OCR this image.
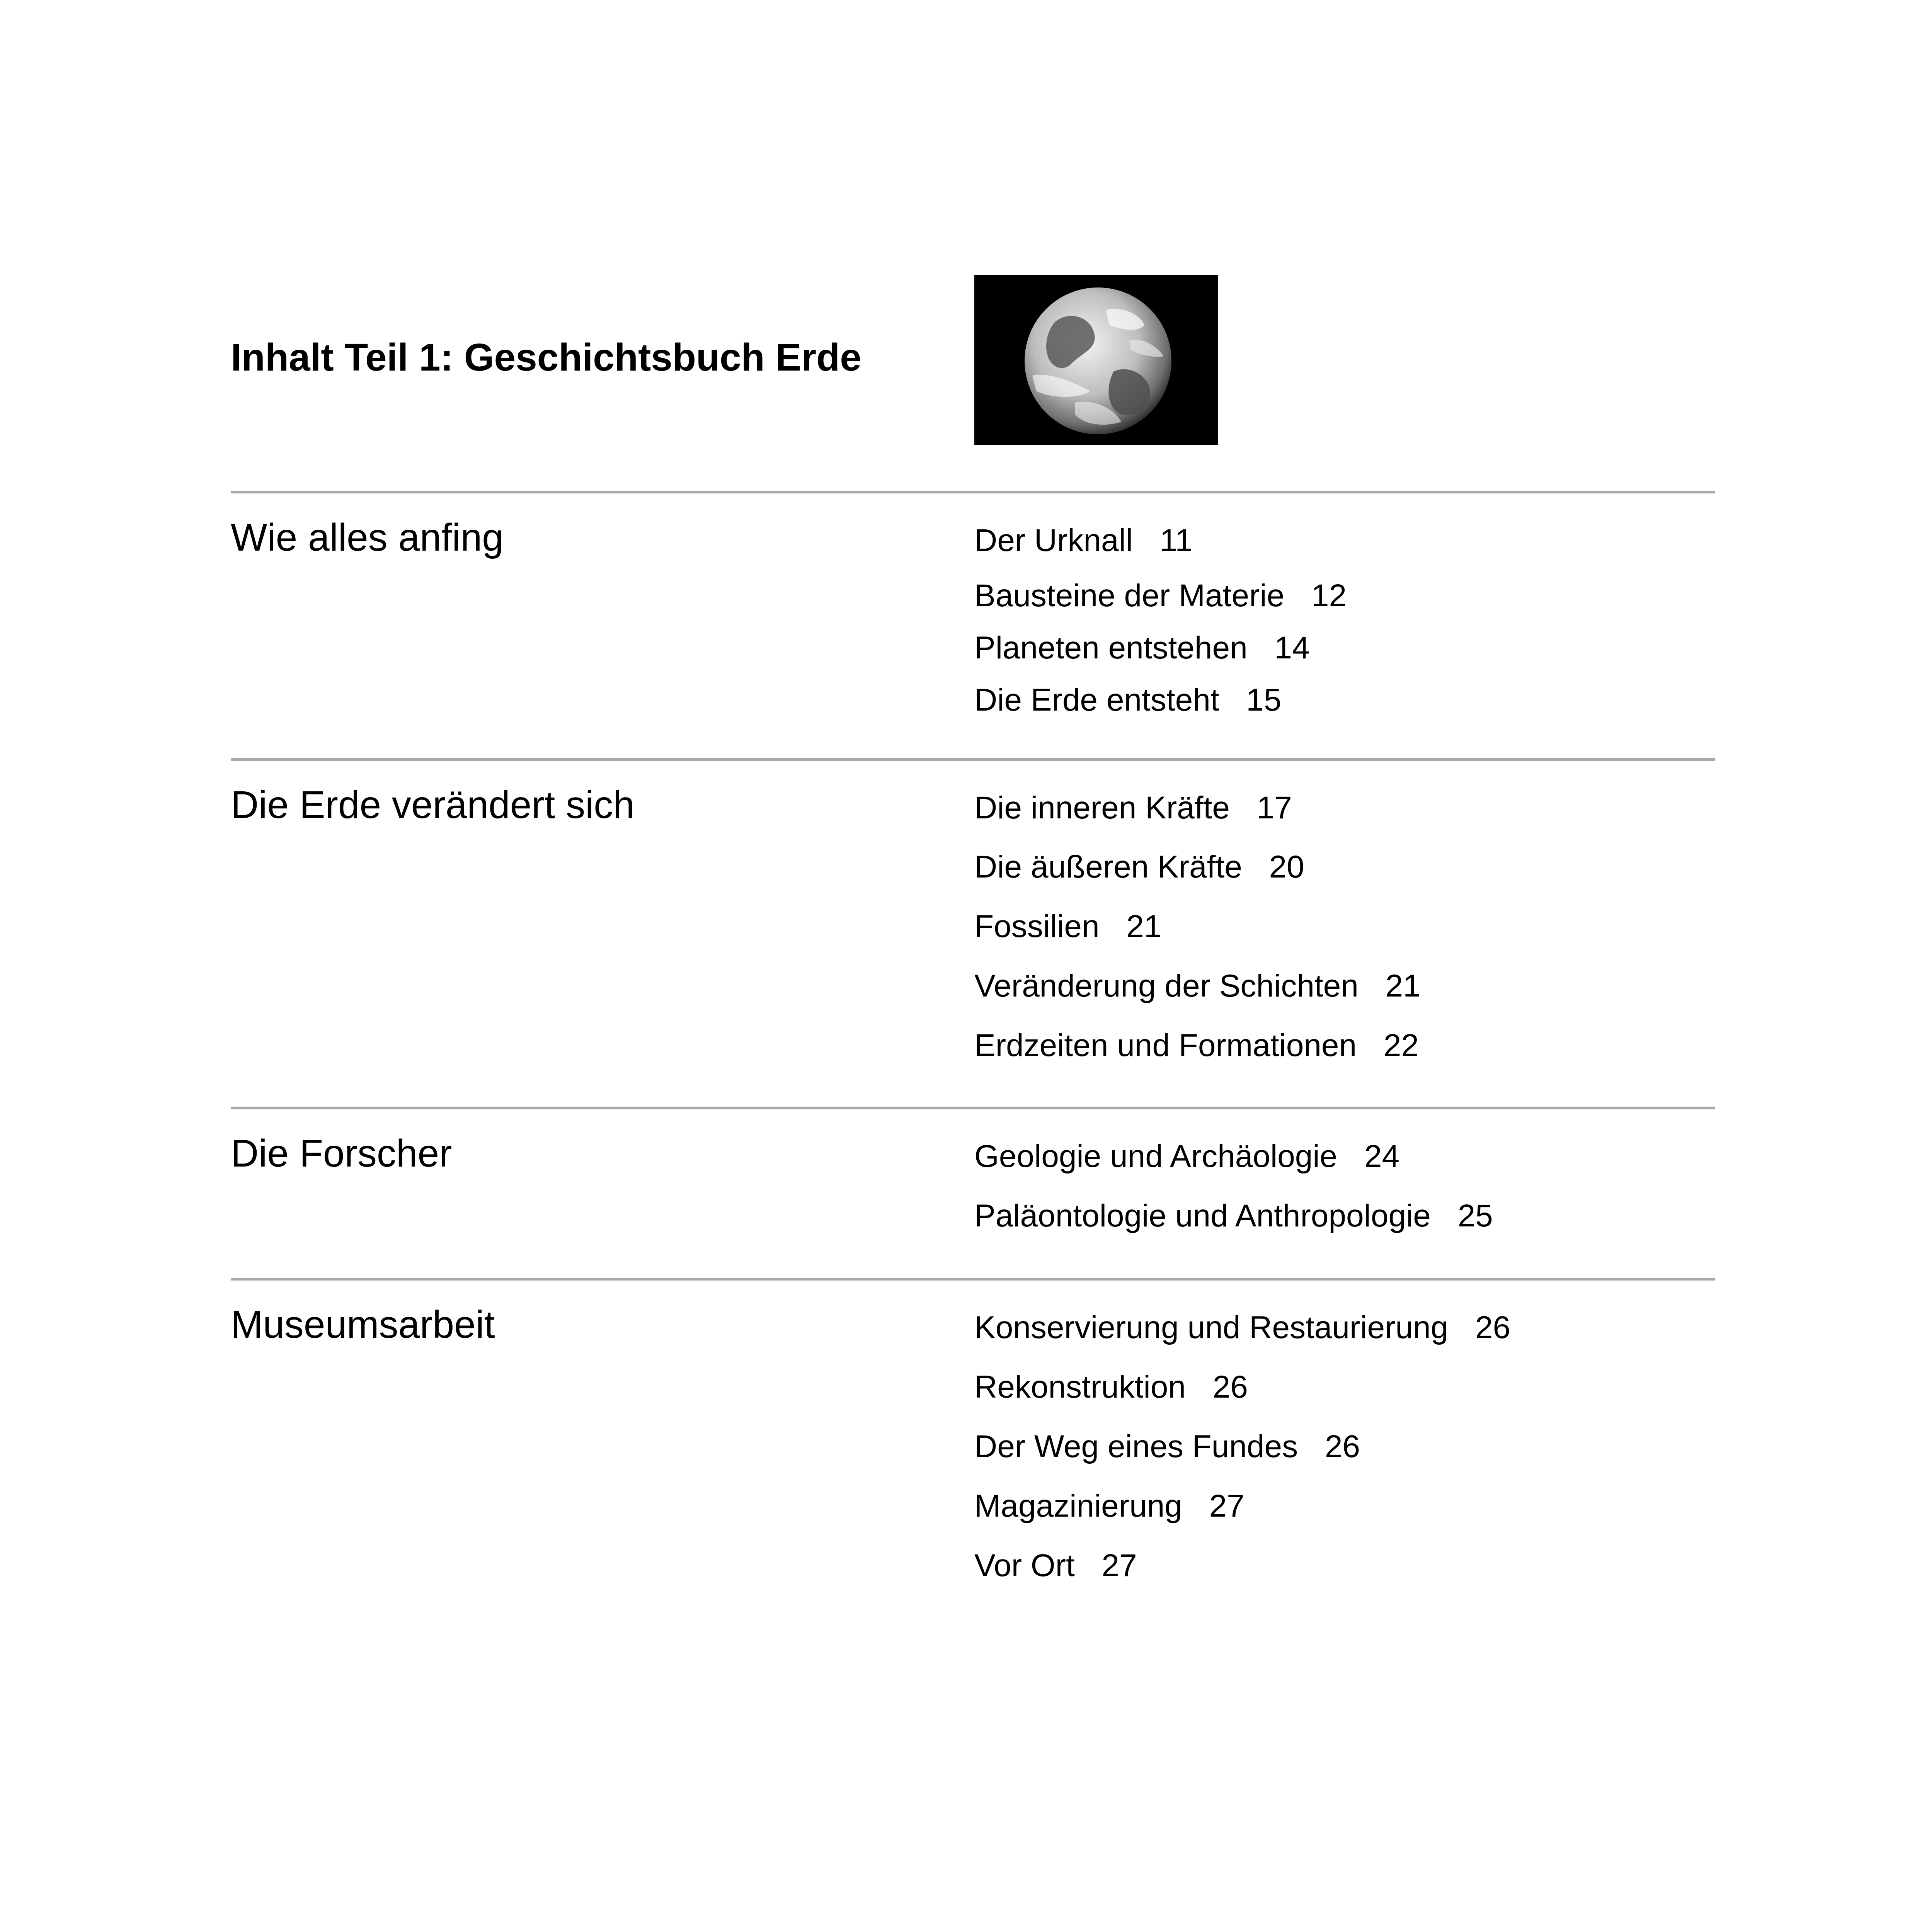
Inhalt Teil 1: Geschichtsbuch Erde
Wie alles anfing	Der Urknall 11
Bausteine der Materie 12
Planeten entstehen 14
Die Erde entsteht 15
Die Erde verändert sich	Die inneren Kräfte 17
Die äußeren Kräfte 20
Fossilien 21
Veränderung der Schichten 21
Erdzeiten und Formationen 22
Die Forscher	Geologie und Archäologie 24
Paläontologie und Anthropologie 25
Museumsarbeit	Konservierung und Restaurierung 26
Rekonstruktion 26
Der Weg eines Fundes 26
Magazinierung 27
Vor Ort 27
